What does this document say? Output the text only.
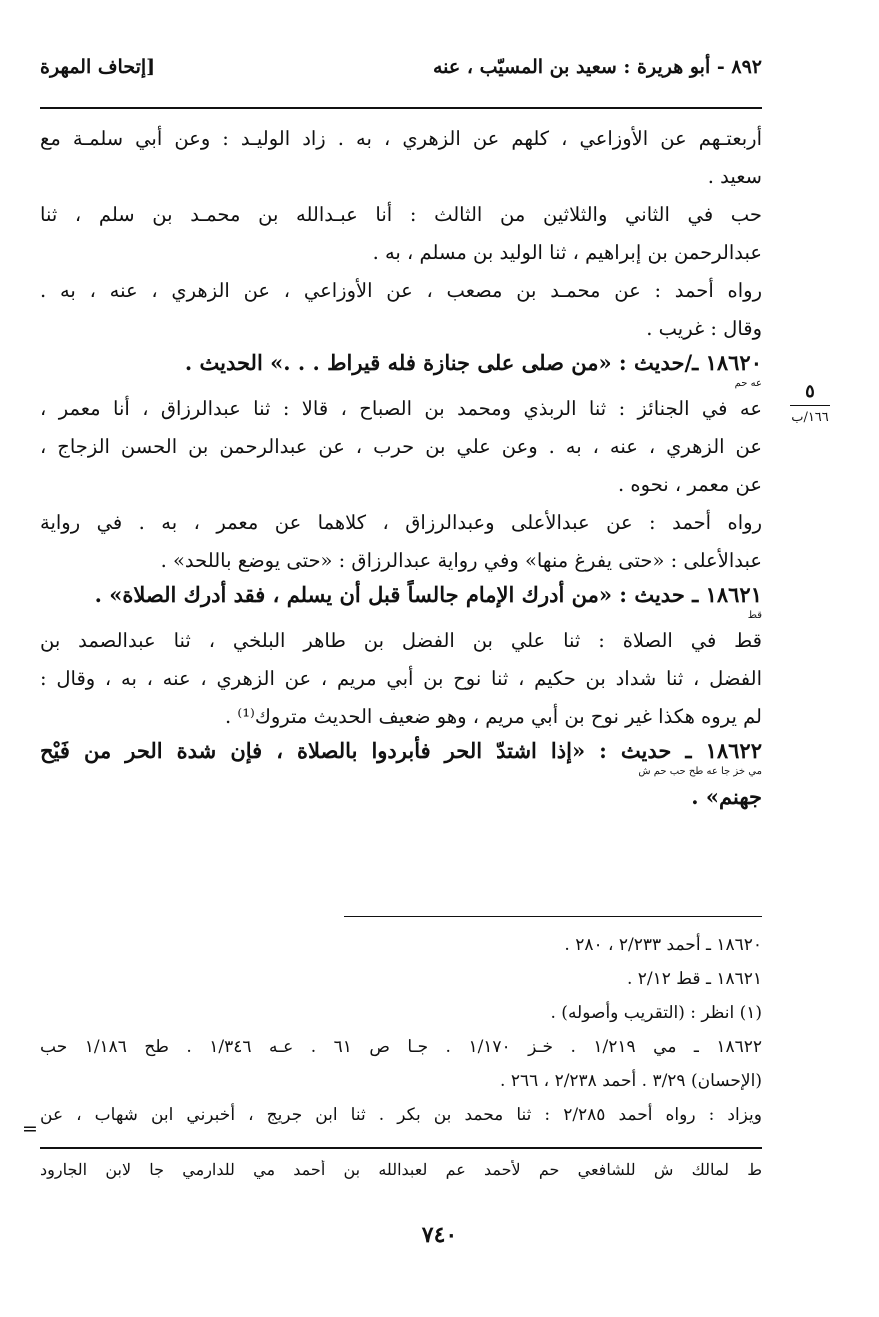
٨٩٢ - أبو هريرة : سعيد بن المسيّب ، عنه
[إتحاف المهرة
٥
١٦٦/ب
أربعتـهم عن الأوزاعي ، كلهم عن الزهري ، به . زاد الوليـد : وعن أبي سلمـة مع
سعيد .
حب في الثاني والثلاثين من الثالث : أنا عبـدالله بن محمـد بن سلم ، ثنا
عبدالرحمن بن إبراهيم ، ثنا الوليد بن مسلم ، به .
رواه أحمد : عن محمـد بن مصعب ، عن الأوزاعي ، عن الزهري ، عنه ، به .
وقال : غريب .
١٨٦٢٠ ـ/حديث : «من صلى على جنازة فله قيراط . . .» الحديث .
عه حم
عه في الجنائز : ثنا الربذي ومحمد بن الصباح ، قالا : ثنا عبدالرزاق ، أنا معمر ،
عن الزهري ، عنه ، به . وعن علي بن حرب ، عن عبدالرحمن بن الحسن الزجاج ،
عن معمر ، نحوه .
رواه أحمد : عن عبدالأعلى وعبدالرزاق ، كلاهما عن معمر ، به . في رواية
عبدالأعلى : «حتى يفرغ منها» وفي رواية عبدالرزاق : «حتى يوضع باللحد» .
١٨٦٢١ ـ حديث : «من أدرك الإمام جالساً قبل أن يسلم ، فقد أدرك الصلاة» .
قط
قط في الصلاة : ثنا علي بن الفضل بن طاهر البلخي ، ثنا عبدالصمد بن
الفضل ، ثنا شداد بن حكيم ، ثنا نوح بن أبي مريم ، عن الزهري ، عنه ، به ، وقال :
لم يروه هكذا غير نوح بن أبي مريم ، وهو ضعيف الحديث متروك⁽¹⁾ .
١٨٦٢٢ ـ حديث : «إذا اشتدّ الحر فأبردوا بالصلاة ، فإن شدة الحر من فَيْح
مي خز جا عه طح حب حم ش
جهنم» .
١٨٦٢٠ ـ أحمد ٢/٢٣٣ ، ٢٨٠ .
١٨٦٢١ ـ قط ٢/١٢ .
(١) انظر : (التقريب وأصوله) .
١٨٦٢٢ ـ مي ١/٢١٩ . خـز ١/١٧٠ . جـا ص ٦١ . عـه ١/٣٤٦ . طح ١/١٨٦ حب
(الإحسان) ٣/٢٩ . أحمد ٢/٢٣٨ ، ٢٦٦ .
ويزاد : رواه أحمد ٢/٢٨٥ : ثنا محمد بن بكر . ثنا ابن جريج ، أخبرني ابن شهاب ، عن
=
ط لمالك ش للشافعي حم لأحمد عم لعبدالله بن أحمد مي للدارمي جا لابن الجارود
٧٤٠
